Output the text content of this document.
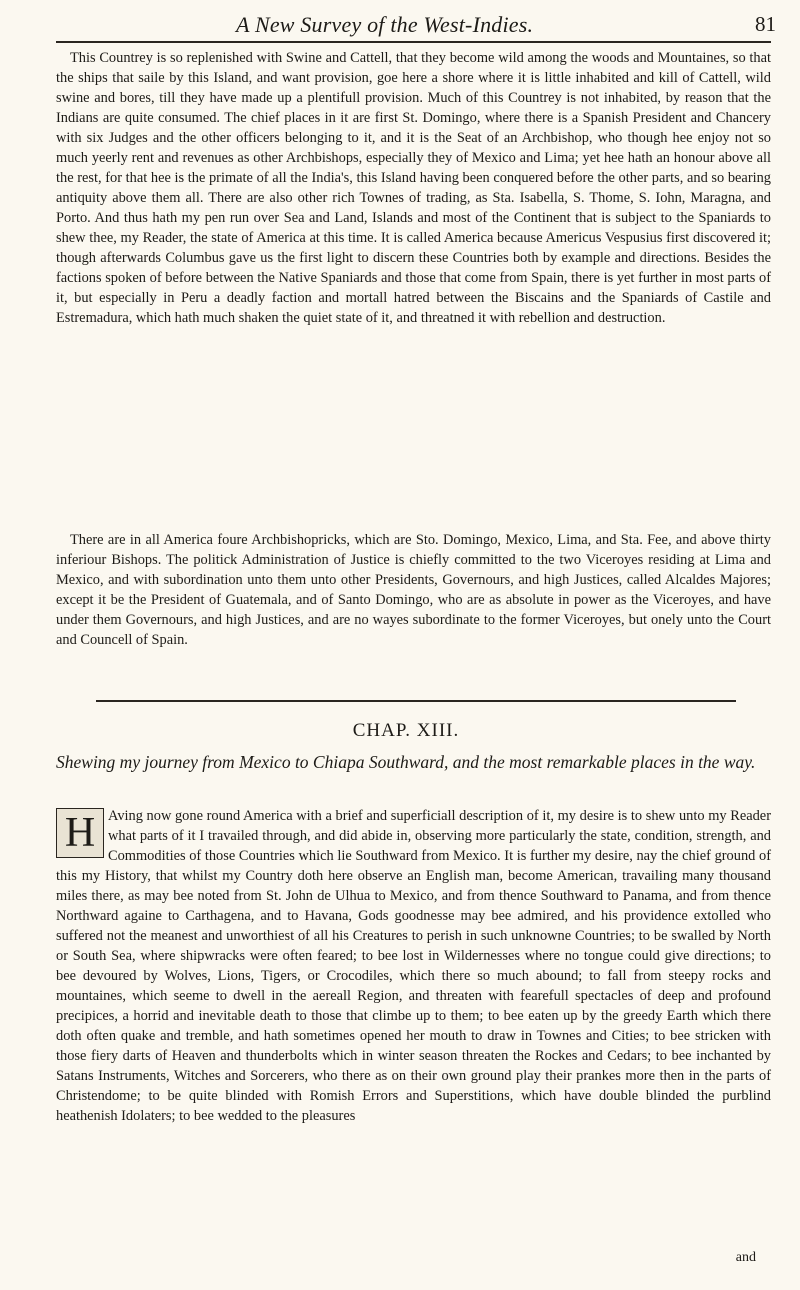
A New Survey of the West-Indies.	81
This Countrey is so replenished with Swine and Cattell, that they become wild among the woods and Mountaines, so that the ships that saile by this Island, and want provision, goe here a shore where it is little inhabited and kill of Cattell, wild swine and bores, till they have made up a plentifull provision. Much of this Countrey is not inhabited, by reason that the Indians are quite consumed. The chief places in it are first St. Domingo, where there is a Spanish President and Chancery with six Judges and the other officers belonging to it, and it is the Seat of an Archbishop, who though hee enjoy not so much yeerly rent and revenues as other Archbishops, especially they of Mexico and Lima; yet hee hath an honour above all the rest, for that hee is the primate of all the India's, this Island having been conquered before the other parts, and so bearing antiquity above them all. There are also other rich Townes of trading, as Sta. Isabella, S. Thome, S. Iohn, Maragna, and Porto. And thus hath my pen run over Sea and Land, Islands and most of the Continent that is subject to the Spaniards to shew thee, my Reader, the state of America at this time. It is called America because Americus Vespusius first discovered it; though afterwards Columbus gave us the first light to discern these Countries both by example and directions. Besides the factions spoken of before between the Native Spaniards and those that come from Spain, there is yet further in most parts of it, but especially in Peru a deadly faction and mortall hatred between the Biscains and the Spaniards of Castile and Estremadura, which hath much shaken the quiet state of it, and threatned it with rebellion and destruction.
There are in all America foure Archbishopricks, which are Sto. Domingo, Mexico, Lima, and Sta. Fee, and above thirty inferiour Bishops. The politick Administration of Justice is chiefly committed to the two Viceroyes residing at Lima and Mexico, and with subordination unto them unto other Presidents, Governours, and high Justices, called Alcaldes Majores; except it be the President of Guatemala, and of Santo Domingo, who are as absolute in power as the Viceroyes, and have under them Governours, and high Justices, and are no wayes subordinate to the former Viceroyes, but onely unto the Court and Councell of Spain.
CHAP. XIII.
Shewing my journey from Mexico to Chiapa Southward, and the most remarkable places in the way.
H Aving now gone round America with a brief and superficiall description of it, my desire is to shew unto my Reader what parts of it I travailed through, and did abide in, observing more particularly the state, condition, strength, and Commodities of those Countries which lie Southward from Mexico. It is further my desire, nay the chief ground of this my History, that whilst my Country doth here observe an English man, become American, travailing many thousand miles there, as may bee noted from St. John de Ulhua to Mexico, and from thence Southward to Panama, and from thence Northward againe to Carthagena, and to Havana, Gods goodnesse may bee admired, and his providence extolled who suffered not the meanest and unworthiest of all his Creatures to perish in such unknowne Countries; to be swalled by North or South Sea, where shipwracks were often feared; to bee lost in Wildernesses where no tongue could give directions; to bee devoured by Wolves, Lions, Tigers, or Crocodiles, which there so much abound; to fall from steepy rocks and mountaines, which seeme to dwell in the aereall Region, and threaten with fearefull spectacles of deep and profound precipices, a horrid and inevitable death to those that climbe up to them; to bee eaten up by the greedy Earth which there doth often quake and tremble, and hath sometimes opened her mouth to draw in Townes and Cities; to bee stricken with those fiery darts of Heaven and thunderbolts which in winter season threaten the Rockes and Cedars; to bee inchanted by Satans Instruments, Witches and Sorcerers, who there as on their own ground play their prankes more then in the parts of Christendome; to be quite blinded with Romish Errors and Superstitions, which have double blinded the purblind heathenish Idolaters; to bee wedded to the pleasures
and
